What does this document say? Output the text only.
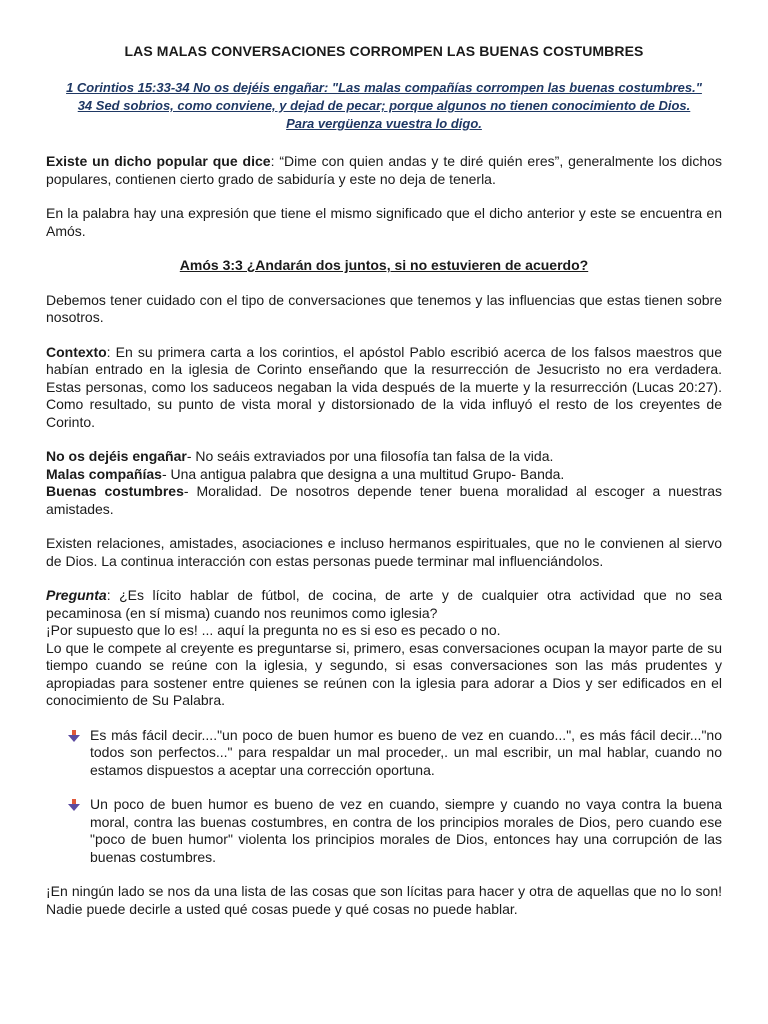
LAS MALAS CONVERSACIONES CORROMPEN LAS BUENAS COSTUMBRES
1 Corintios 15:33-34 No os dejéis engañar: "Las malas compañías corrompen las buenas costumbres."
34 Sed sobrios, como conviene, y dejad de pecar; porque algunos no tienen conocimiento de Dios.
Para vergüenza vuestra lo digo.

Existe un dicho popular que dice: “Dime con quien andas y te diré quién eres”, generalmente los dichos populares, contienen cierto grado de sabiduría y este no deja de tenerla.

En la palabra hay una expresión que tiene el mismo significado que el dicho anterior y este se encuentra en Amós.

Amós 3:3 ¿Andarán dos juntos, si no estuvieren de acuerdo?

Debemos tener cuidado con el tipo de conversaciones que tenemos y las influencias que estas tienen sobre nosotros.

Contexto: En su primera carta a los corintios, el apóstol Pablo escribió acerca de los falsos maestros que habían entrado en la iglesia de Corinto enseñando que la resurrección de Jesucristo no era verdadera. Estas personas, como los saduceos negaban la vida después de la muerte y la resurrección (Lucas 20:27). Como resultado, su punto de vista moral y distorsionado de la vida influyó el resto de los creyentes de Corinto.

No os dejéis engañar- No seáis extraviados por una filosofía tan falsa de la vida.

Malas compañías- Una antigua palabra que designa a una multitud Grupo- Banda.

Buenas costumbres- Moralidad. De nosotros depende tener buena moralidad al escoger a nuestras amistades.

Existen relaciones, amistades, asociaciones e incluso hermanos espirituales, que no le convienen al siervo de Dios. La continua interacción con estas personas puede terminar mal influenciándolos.

Pregunta: ¿Es lícito hablar de fútbol, de cocina, de arte y de cualquier otra actividad que no sea pecaminosa (en sí misma) cuando nos reunimos como iglesia?

¡Por supuesto que lo es! ... aquí la pregunta no es si eso es pecado o no.

Lo que le compete al creyente es preguntarse si, primero, esas conversaciones ocupan la mayor parte de su tiempo cuando se reúne con la iglesia, y segundo, si esas conversaciones son las más prudentes y apropiadas para sostener entre quienes se reúnen con la iglesia para adorar a Dios y ser edificados en el conocimiento de Su Palabra.

Es más fácil decir...."un poco de buen humor es bueno de vez en cuando...", es más fácil decir..."no todos son perfectos..." para respaldar un mal proceder,. un mal escribir, un mal hablar, cuando no estamos dispuestos a aceptar una corrección oportuna.
Un poco de buen humor es bueno de vez en cuando, siempre y cuando no vaya contra la buena moral, contra las buenas costumbres, en contra de los principios morales de Dios, pero cuando ese "poco de buen humor" violenta los principios morales de Dios, entonces hay una corrupción de las buenas costumbres.

¡En ningún lado se nos da una lista de las cosas que son lícitas para hacer y otra de aquellas que no lo son! Nadie puede decirle a usted qué cosas puede y qué cosas no puede hablar.
